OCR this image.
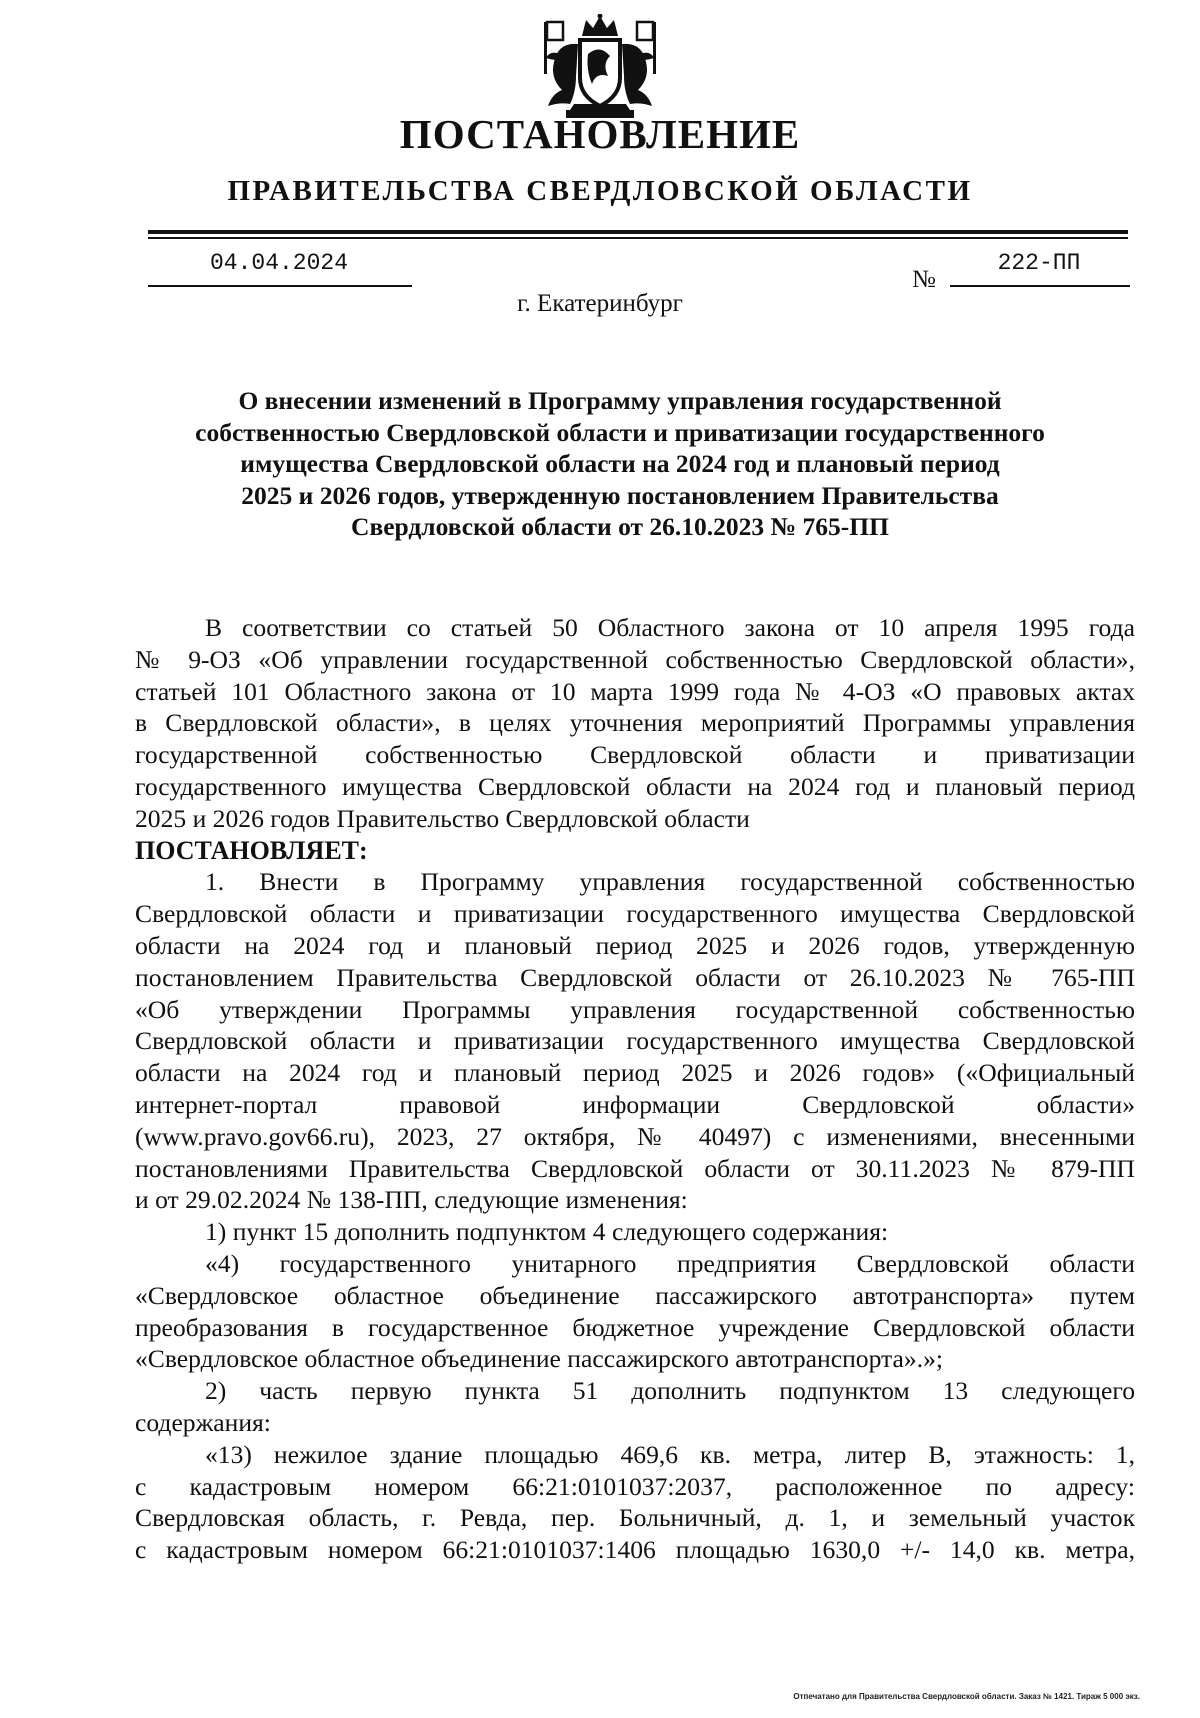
ПОСТАНОВЛЕНИЕ
ПРАВИТЕЛЬСТВА СВЕРДЛОВСКОЙ ОБЛАСТИ
04.04.2024
№
222-ПП
г. Екатеринбург
О внесении изменений в Программу управления государственной
собственностью Свердловской области и приватизации государственного
имущества Свердловской области на 2024 год и плановый период
2025 и 2026 годов, утвержденную постановлением Правительства
Свердловской области от 26.10.2023 № 765-ПП

В соответствии со статьей 50 Областного закона от 10 апреля 1995 года

№ 9-ОЗ «Об управлении государственной собственностью Свердловской области»,

статьей 101 Областного закона от 10 марта 1999 года № 4-ОЗ «О правовых актах

в Свердловской области», в целях уточнения мероприятий Программы управления

государственной собственностью Свердловской области и приватизации

государственного имущества Свердловской области на 2024 год и плановый период

2025 и 2026 годов Правительство Свердловской области

ПОСТАНОВЛЯЕТ:

1. Внести в Программу управления государственной собственностью

Свердловской области и приватизации государственного имущества Свердловской

области на 2024 год и плановый период 2025 и 2026 годов, утвержденную

постановлением Правительства Свердловской области от 26.10.2023 № 765-ПП

«Об утверждении Программы управления государственной собственностью

Свердловской области и приватизации государственного имущества Свердловской

области на 2024 год и плановый период 2025 и 2026 годов» («Официальный

интернет-портал правовой информации Свердловской области»

(www.pravo.gov66.ru), 2023, 27 октября, № 40497) с изменениями, внесенными

постановлениями Правительства Свердловской области от 30.11.2023 № 879-ПП

и от 29.02.2024 № 138-ПП, следующие изменения:

1) пункт 15 дополнить подпунктом 4 следующего содержания:

«4) государственного унитарного предприятия Свердловской области

«Свердловское областное объединение пассажирского автотранспорта» путем

преобразования в государственное бюджетное учреждение Свердловской области

«Свердловское областное объединение пассажирского автотранспорта».»;

2) часть первую пункта 51 дополнить подпунктом 13 следующего

содержания:

«13) нежилое здание площадью 469,6 кв. метра, литер В, этажность: 1,

с кадастровым номером 66:21:0101037:2037, расположенное по адресу:

Свердловская область, г. Ревда, пер. Больничный, д. 1, и земельный участок

с кадастровым номером 66:21:0101037:1406 площадью 1630,0 +/- 14,0 кв. метра,

Отпечатано для Правительства Свердловской области. Заказ № 1421. Тираж 5 000 экз.
